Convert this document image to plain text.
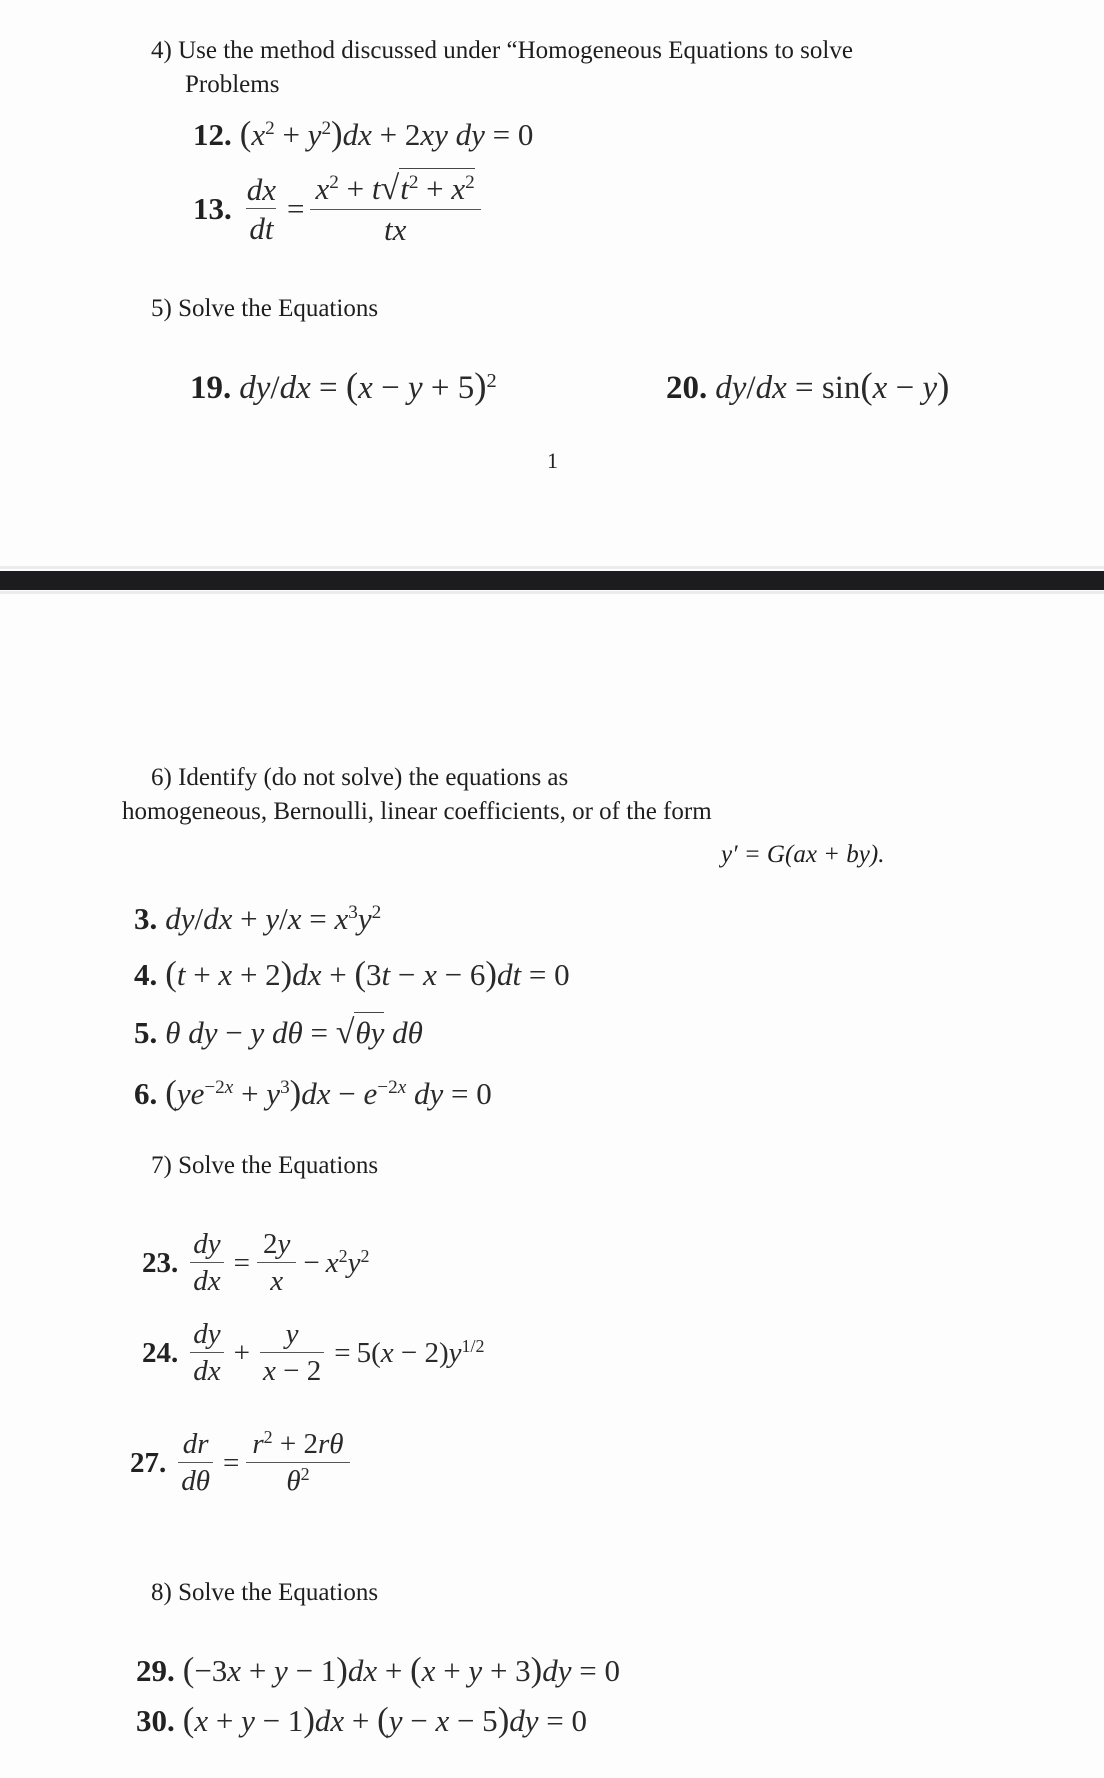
4) Use the method discussed under “Homogeneous Equations to solve
Problems
12. $(x^2 + y^2)dx + 2xy$ dy = 0
13. $\frac{dx}{dt} = \frac{x^2 + t√t^2 + x^2}{tx}$
5) Solve the Equations
19. $dy/dx = (x - y + 5)^2$	20. dy/dx = sin(x − y)
1
6) Identify (do not solve) the equations as
homogeneous, Bernoulli, linear coefficients, or of the form
y′ = G(ax + by).
3. $dy/dx + y/x = x^3y^2$
4. (t + x + 2)dx + (3t − x − 6)dt = 0
5. θ dy − y dθ = √θy dθ
6. $(ye^{-2x} + y^3)dx - e^{-2x}$ dy = 0
7) Solve the Equations
23. $\frac{dy}{dx} = \frac{2y}{x} - x^2y^2$
24. $\frac{dy}{dx} + \frac{y}{x - 2} = 5(x - 2)y^{1/2}$
27. $\frac{dr}{d\theta} = \frac{r^2 + 2r\theta}{\theta^2}$
8) Solve the Equations
29. (−3x + y − 1)dx + (x + y + 3)dy = 0
30. (x + y − 1)dx + (y − x − 5)dy = 0
